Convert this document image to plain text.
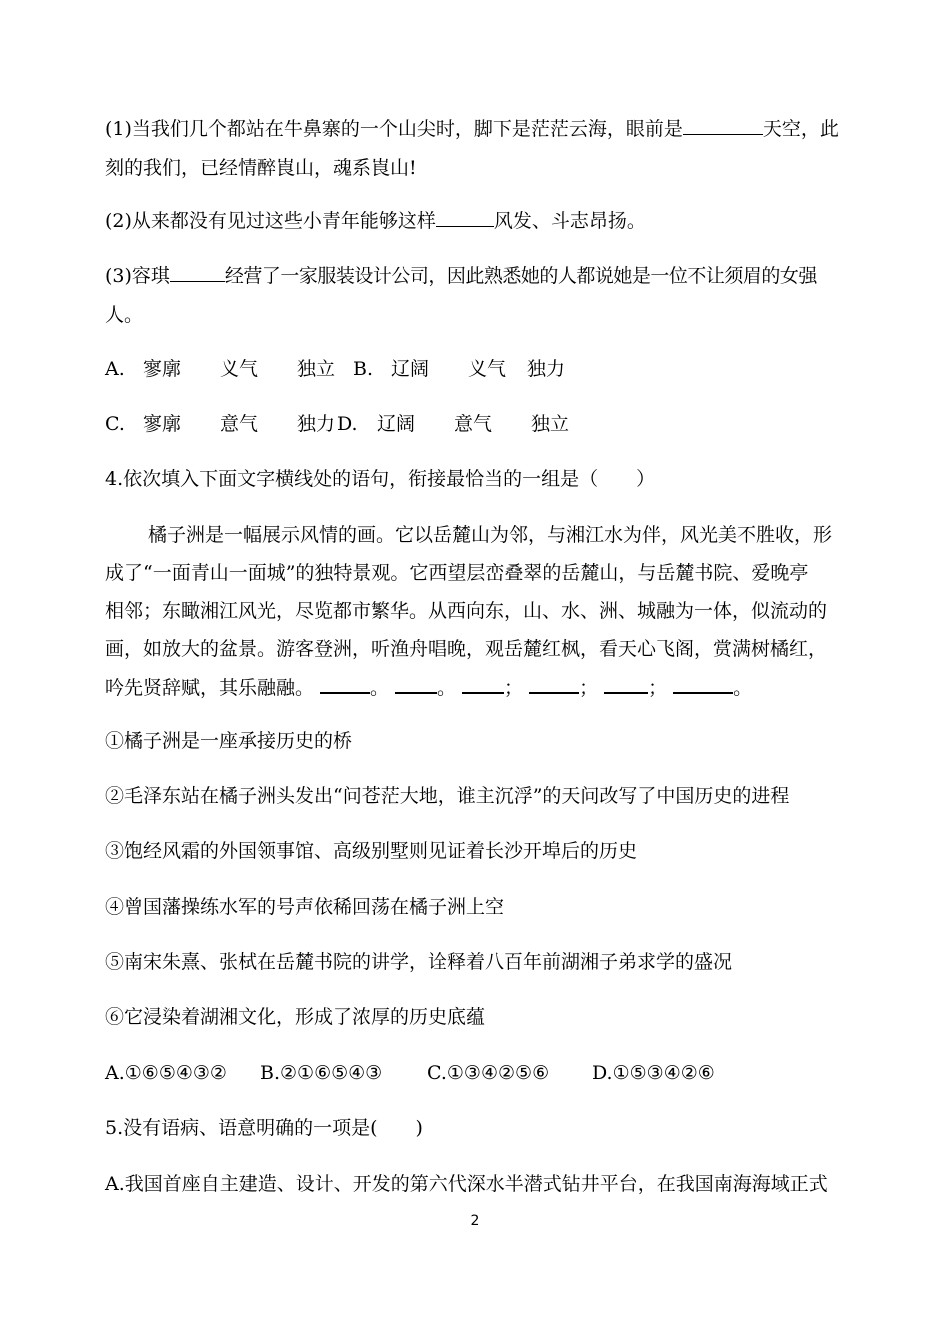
(1)当我们几个都站在牛鼻寨的一个山尖时，脚下是茫茫云海，眼前是	天空，此
刻的我们，已经情醉崀山，魂系崀山!
(2)从来都没有见过这些小青年能够这样	风发、斗志昂扬。
(3)容琪	经营了一家服装设计公司，因此熟悉她的人都说她是一位不让须眉的女强
人。
A. 寥廓 义气 独立 B. 辽阔 义气 独力
C. 寥廓 意气 独力 D. 辽阔 意气 独立
4.依次填入下面文字横线处的语句，衔接最恰当的一组是（　　）
橘子洲是一幅展示风情的画。它以岳麓山为邻，与湘江水为伴，风光美不胜收，形
成了“一面青山一面城”的独特景观。它西望层峦叠翠的岳麓山，与岳麓书院、爱晚亭
相邻；东瞰湘江风光，尽览都市繁华。从西向东，山、水、洲、城融为一体，似流动的
画，如放大的盆景。游客登洲，听渔舟唱晚，观岳麓红枫，看天心飞阁，赏满树橘红，
吟先贤辞赋，其乐融融。	。	。	；	；	；	。
①橘子洲是一座承接历史的桥
②毛泽东站在橘子洲头发出“问苍茫大地，谁主沉浮”的天问改写了中国历史的进程
③饱经风霜的外国领事馆、高级别墅则见证着长沙开埠后的历史
④曾国藩操练水军的号声依稀回荡在橘子洲上空
⑤南宋朱熹、张栻在岳麓书院的讲学，诠释着八百年前湖湘子弟求学的盛况
⑥它浸染着湖湘文化，形成了浓厚的历史底蕴
A.①⑥⑤④③② B.②①⑥⑤④③ C.①③④②⑤⑥ D.①⑤③④②⑥
5.没有语病、语意明确的一项是(　　)
A.我国首座自主建造、设计、开发的第六代深水半潜式钻井平台，在我国南海海域正式
2
